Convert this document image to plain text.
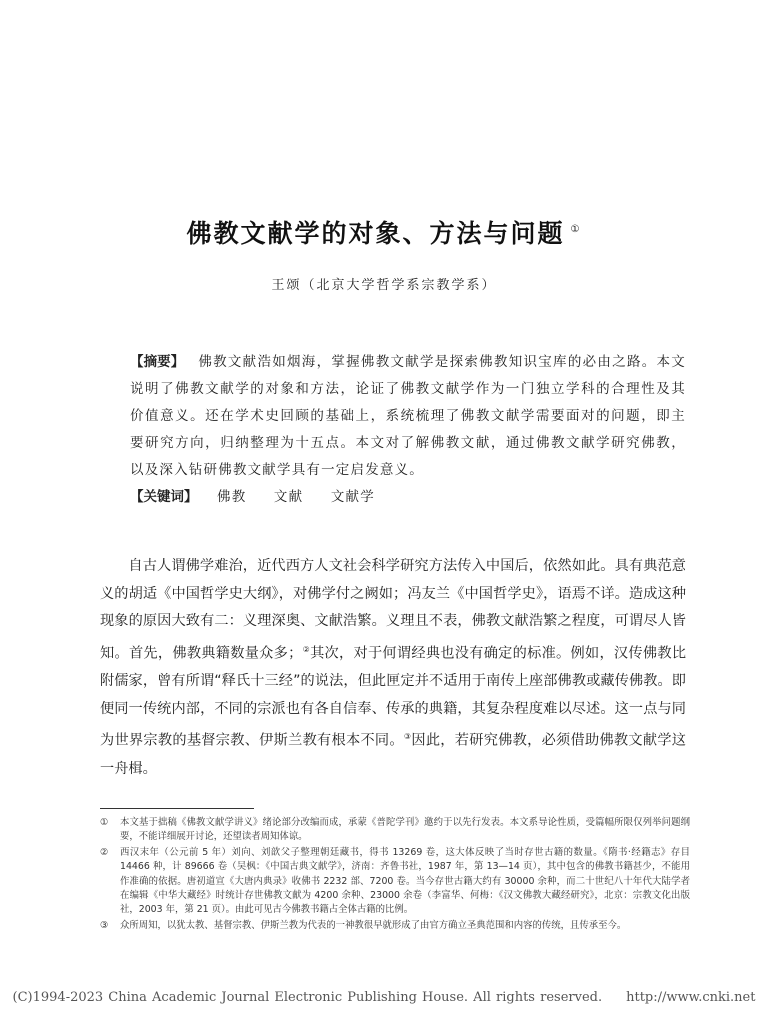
佛教文献学的对象、方法与问题 ①
王颂（北京大学哲学系宗教学系）
【摘要】 佛教文献浩如烟海，掌握佛教文献学是探索佛教知识宝库的必由之路。本文说明了佛教文献学的对象和方法，论证了佛教文献学作为一门独立学科的合理性及其价值意义。还在学术史回顾的基础上，系统梳理了佛教文献学需要面对的问题，即主要研究方向，归纳整理为十五点。本文对了解佛教文献，通过佛教文献学研究佛教，以及深入钻研佛教文献学具有一定启发意义。
【关键词】 佛教 文献 文献学

自古人谓佛学难治，近代西方人文社会科学研究方法传入中国后，依然如此。具有典范意义的胡适《中国哲学史大纲》，对佛学付之阙如；冯友兰《中国哲学史》，语焉不详。造成这种现象的原因大致有二：义理深奥、文献浩繁。义理且不表，佛教文献浩繁之程度，可谓尽人皆知。首先，佛教典籍数量众多；②其次，对于何谓经典也没有确定的标准。例如，汉传佛教比附儒家，曾有所谓“释氏十三经”的说法，但此匣定并不适用于南传上座部佛教或藏传佛教。即便同一传统内部，不同的宗派也有各自信奉、传承的典籍，其复杂程度难以尽述。这一点与同为世界宗教的基督宗教、伊斯兰教有根本不同。③因此，若研究佛教，必须借助佛教文献学这一舟楫。

①	本文基于拙稿《佛教文献学讲义》绪论部分改编而成，承蒙《普陀学刊》邀约于以先行发表。本文系导论性质，受篇幅所限仅列举问题纲要，不能详细展开讨论，还望读者周知体谅。
②	西汉末年（公元前 5 年）刘向、刘歆父子整理朝廷藏书，得书 13269 卷，这大体反映了当时存世古籍的数量。《隋书·经籍志》存目 14466 种，计 89666 卷（吴枫：《中国古典文献学》，济南：齐鲁书社，1987 年，第 13—14 页），其中包含的佛教书籍甚少，不能用作准确的依据。唐初道宣《大唐内典录》收佛书 2232 部、7200 卷。当今存世古籍大约有 30000 余种，而二十世纪八十年代大陆学者在编辑《中华大藏经》时统计存世佛教文献为 4200 余种、23000 余卷（李富华、何梅：《汉文佛教大藏经研究》，北京：宗教文化出版社，2003 年，第 21 页）。由此可见古今佛教书籍占全体古籍的比例。
③	众所周知，以犹太教、基督宗教、伊斯兰教为代表的一神教很早就形成了由官方确立圣典范围和内容的传统，且传承至今。
(C)1994-2023 China Academic Journal Electronic Publishing House. All rights reserved. http://www.cnki.net
